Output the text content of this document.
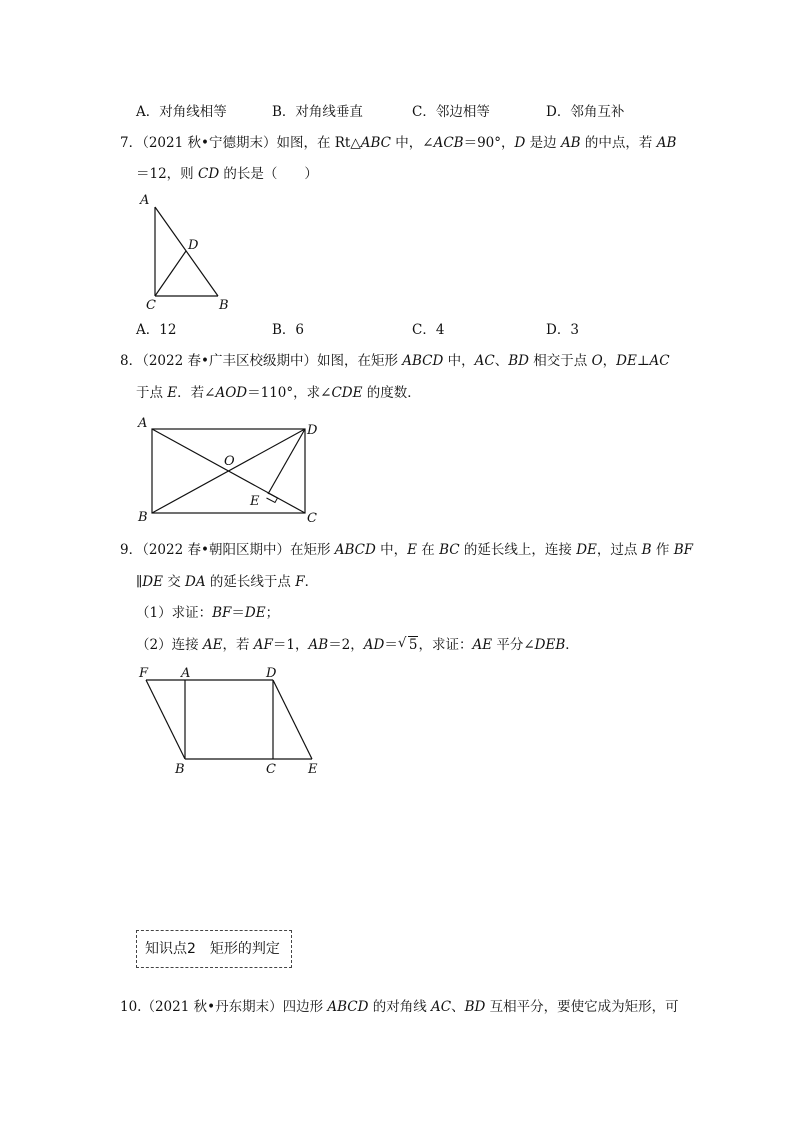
A．对角线相等	B．对角线垂直	C．邻边相等	D．邻角互补
7．（2021 秋•宁德期末）如图，在 Rt△ABC 中，∠ACB＝90°，D 是边 AB 的中点，若 AB
＝12，则 CD 的长是（　　）
A
D
C	B
A．12	B．6	C．4	D．3
8．（2022 春•广丰区校级期中）如图，在矩形 ABCD 中，AC、BD 相交于点 O，DE⊥AC
于点 E．若∠AOD＝110°，求∠CDE 的度数．
A	D
O
E
B	C
9．（2022 春•朝阳区期中）在矩形 ABCD 中，E 在 BC 的延长线上，连接 DE，过点 B 作 BF
∥DE 交 DA 的延长线于点 F．
（1）求证：BF＝DE；
（2）连接 AE，若 AF＝1，AB＝2，AD＝ √ 5，求证：AE 平分∠DEB．
F	A	D
B	C E
知识点2　矩形的判定
10.（2021 秋•丹东期末）四边形 ABCD 的对角线 AC、BD 互相平分，要使它成为矩形，可
